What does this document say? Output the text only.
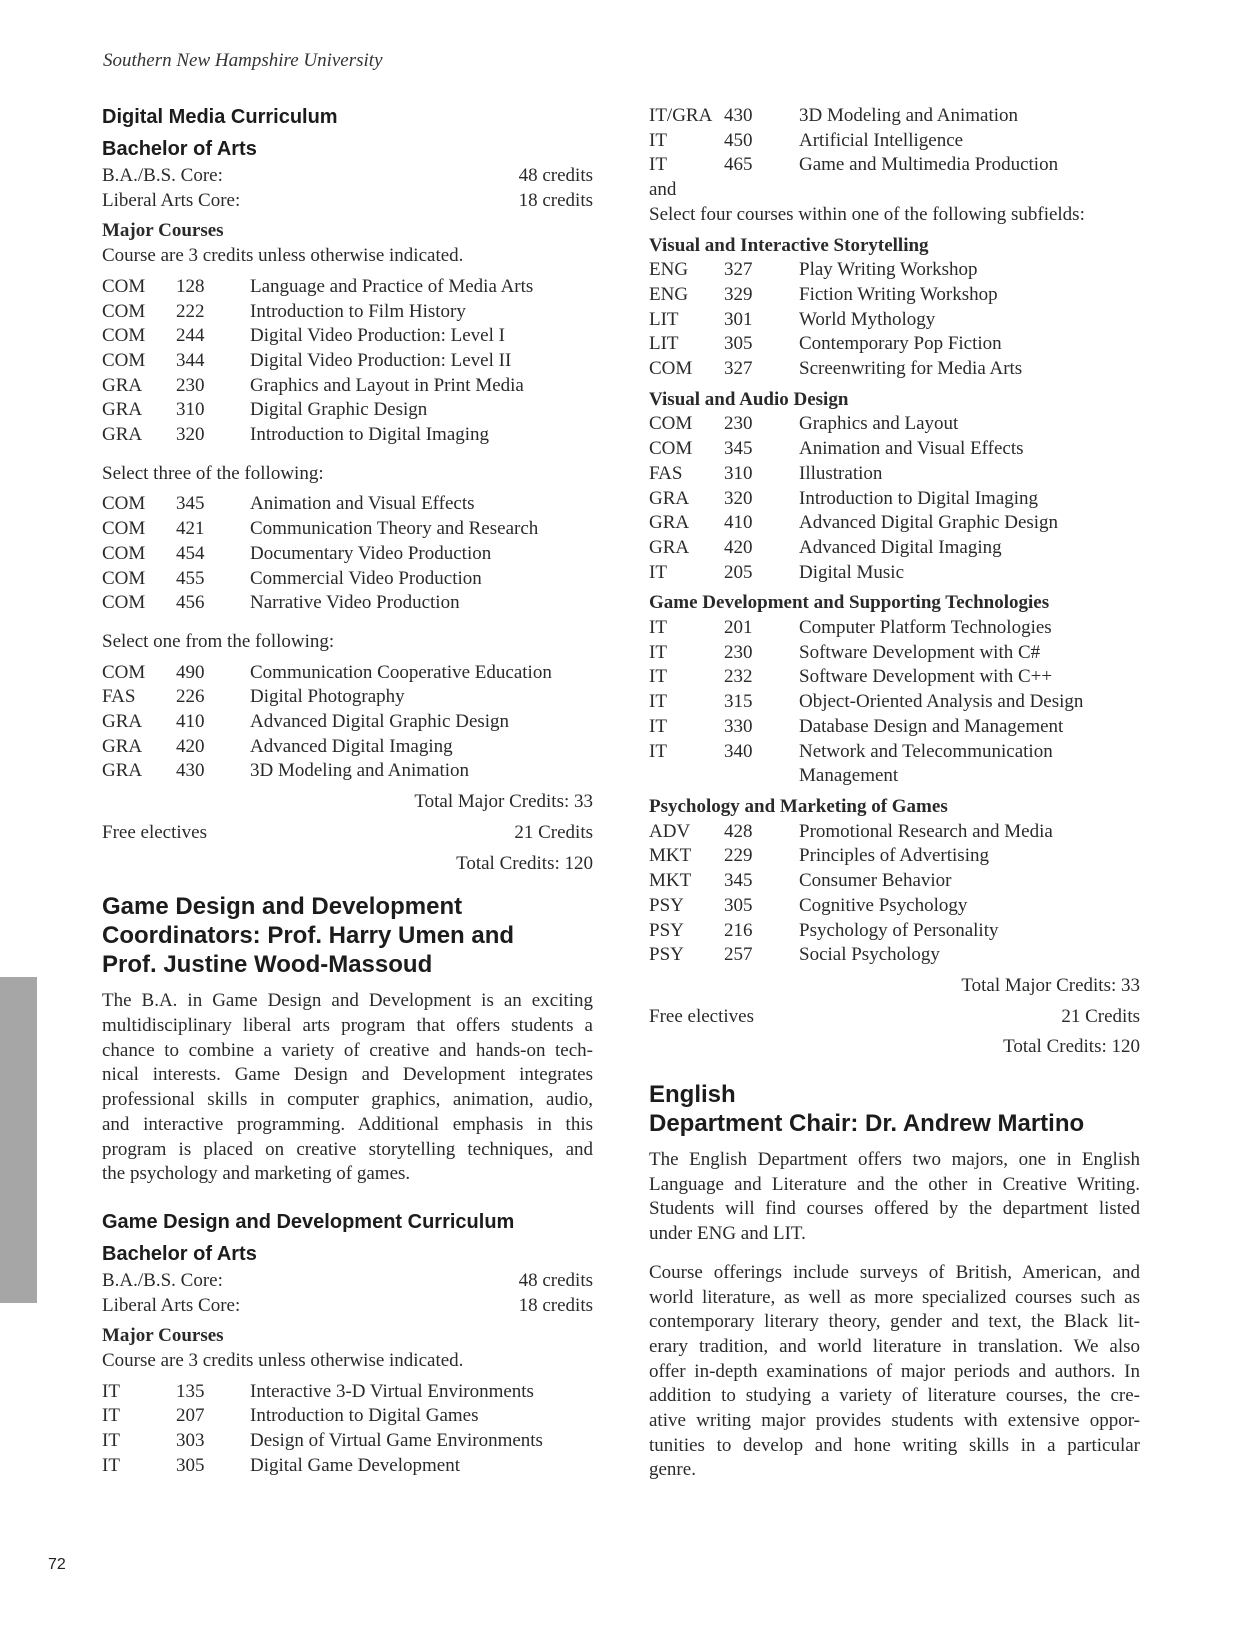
Southern New Hampshire University
72
Digital Media Curriculum
Bachelor of Arts
B.A./B.S. Core:	48 credits
Liberal Arts Core:	18 credits
Major Courses
Course are 3 credits unless otherwise indicated.
COM	128	Language and Practice of Media Arts
COM	222	Introduction to Film History
COM	244	Digital Video Production: Level I
COM	344	Digital Video Production: Level II
GRA	230	Graphics and Layout in Print Media
GRA	310	Digital Graphic Design
GRA	320	Introduction to Digital Imaging
Select three of the following:
COM	345	Animation and Visual Effects
COM	421	Communication Theory and Research
COM	454	Documentary Video Production
COM	455	Commercial Video Production
COM	456	Narrative Video Production
Select one from the following:
COM	490	Communication Cooperative Education
FAS	226	Digital Photography
GRA	410	Advanced Digital Graphic Design
GRA	420	Advanced Digital Imaging
GRA	430	3D Modeling and Animation
Total Major Credits: 33
Free electives	21 Credits
Total Credits: 120
Game Design and Development
Coordinators: Prof. Harry Umen and
Prof. Justine Wood-Massoud
The B.A. in Game Design and Development is an exciting
multidisciplinary liberal arts program that offers students a
chance to combine a variety of creative and hands-on tech-
nical interests. Game Design and Development integrates
professional skills in computer graphics, animation, audio,
and interactive programming. Additional emphasis in this
program is placed on creative storytelling techniques, and
the psychology and marketing of games.
Game Design and Development Curriculum
Bachelor of Arts
B.A./B.S. Core:	48 credits
Liberal Arts Core:	18 credits
Major Courses
Course are 3 credits unless otherwise indicated.
IT	135	Interactive 3-D Virtual Environments
IT	207	Introduction to Digital Games
IT	303	Design of Virtual Game Environments
IT	305	Digital Game Development
IT/GRA 430	3D Modeling and Animation
IT	450	Artificial Intelligence
IT	465	Game and Multimedia Production
and
Select four courses within one of the following subfields:
Visual and Interactive Storytelling
ENG	327	Play Writing Workshop
ENG	329	Fiction Writing Workshop
LIT	301	World Mythology
LIT	305	Contemporary Pop Fiction
COM	327	Screenwriting for Media Arts
Visual and Audio Design
COM	230	Graphics and Layout
COM	345	Animation and Visual Effects
FAS	310	Illustration
GRA	320	Introduction to Digital Imaging
GRA	410	Advanced Digital Graphic Design
GRA	420	Advanced Digital Imaging
IT	205	Digital Music
Game Development and Supporting Technologies
IT	201	Computer Platform Technologies
IT	230	Software Development with C#
IT	232	Software Development with C++
IT	315	Object-Oriented Analysis and Design
IT	330	Database Design and Management
IT	340	Network and Telecommunication
Management
Psychology and Marketing of Games
ADV	428	Promotional Research and Media
MKT	229	Principles of Advertising
MKT	345	Consumer Behavior
PSY	305	Cognitive Psychology
PSY	216	Psychology of Personality
PSY	257	Social Psychology
Total Major Credits: 33
Free electives	21 Credits
Total Credits: 120
English
Department Chair: Dr. Andrew Martino
The English Department offers two majors, one in English
Language and Literature and the other in Creative Writing.
Students will find courses offered by the department listed
under ENG and LIT.
Course offerings include surveys of British, American, and
world literature, as well as more specialized courses such as
contemporary literary theory, gender and text, the Black lit-
erary tradition, and world literature in translation. We also
offer in-depth examinations of major periods and authors. In
addition to studying a variety of literature courses, the cre-
ative writing major provides students with extensive oppor-
tunities to develop and hone writing skills in a particular
genre.
